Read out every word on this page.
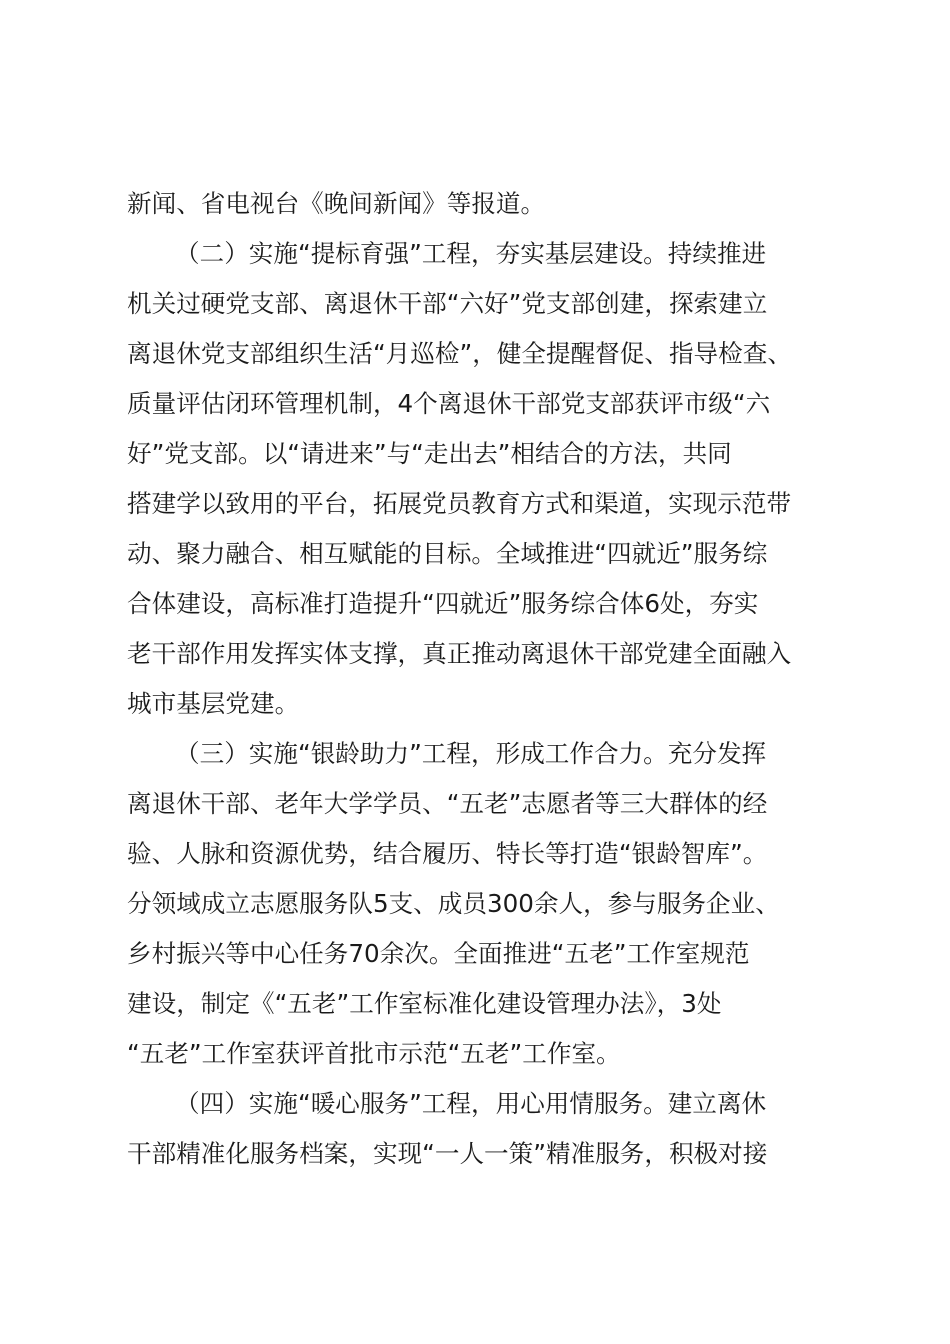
新闻、省电视台《晚间新闻》等报道。
（二）实施“提标育强”工程，夯实基层建设。持续推进
机关过硬党支部、离退休干部“六好”党支部创建，探索建立
离退休党支部组织生活“月巡检”，健全提醒督促、指导检查、
质量评估闭环管理机制，4个离退休干部党支部获评市级“六
好”党支部。以“请进来”与“走出去”相结合的方法，共同
搭建学以致用的平台，拓展党员教育方式和渠道，实现示范带
动、聚力融合、相互赋能的目标。全域推进“四就近”服务综
合体建设，高标准打造提升“四就近”服务综合体6处，夯实
老干部作用发挥实体支撑，真正推动离退休干部党建全面融入
城市基层党建。
（三）实施“银龄助力”工程，形成工作合力。充分发挥
离退休干部、老年大学学员、“五老”志愿者等三大群体的经
验、人脉和资源优势，结合履历、特长等打造“银龄智库”。
分领域成立志愿服务队5支、成员300余人，参与服务企业、
乡村振兴等中心任务70余次。全面推进“五老”工作室规范
建设，制定《“五老”工作室标准化建设管理办法》，3处
“五老”工作室获评首批市示范“五老”工作室。
（四）实施“暖心服务”工程，用心用情服务。建立离休
干部精准化服务档案，实现“一人一策”精准服务，积极对接
